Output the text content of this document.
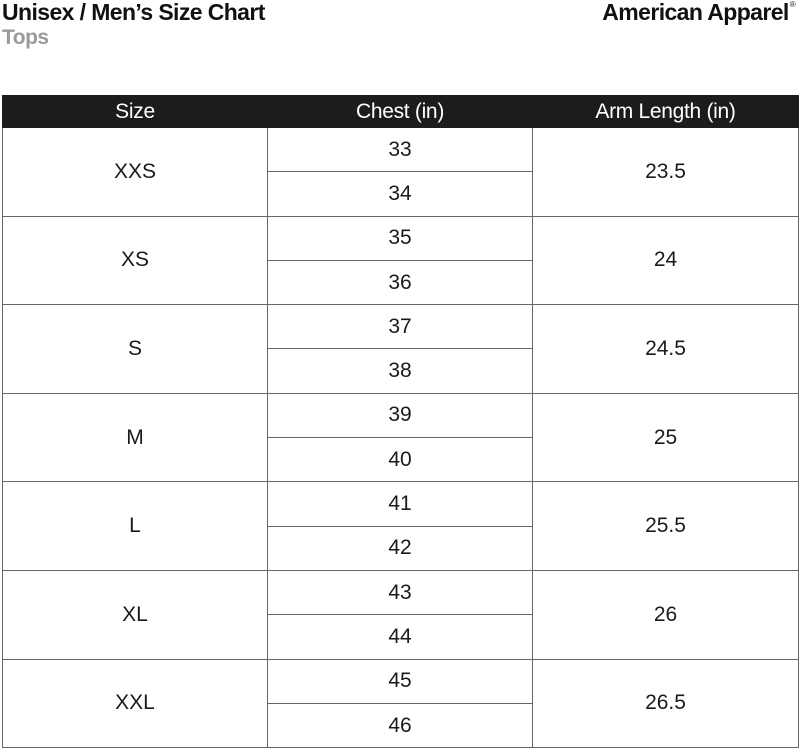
Unisex / Men’s Size Chart
Tops
American Apparel®
Size	Chest (in)	Arm Length (in)
XXS	33	23.5
	34	
XS	35	24
	36	
S	37	24.5
	38	
M	39	25
	40	
L	41	25.5
	42	
XL	43	26
	44	
XXL	45	26.5
	46	
